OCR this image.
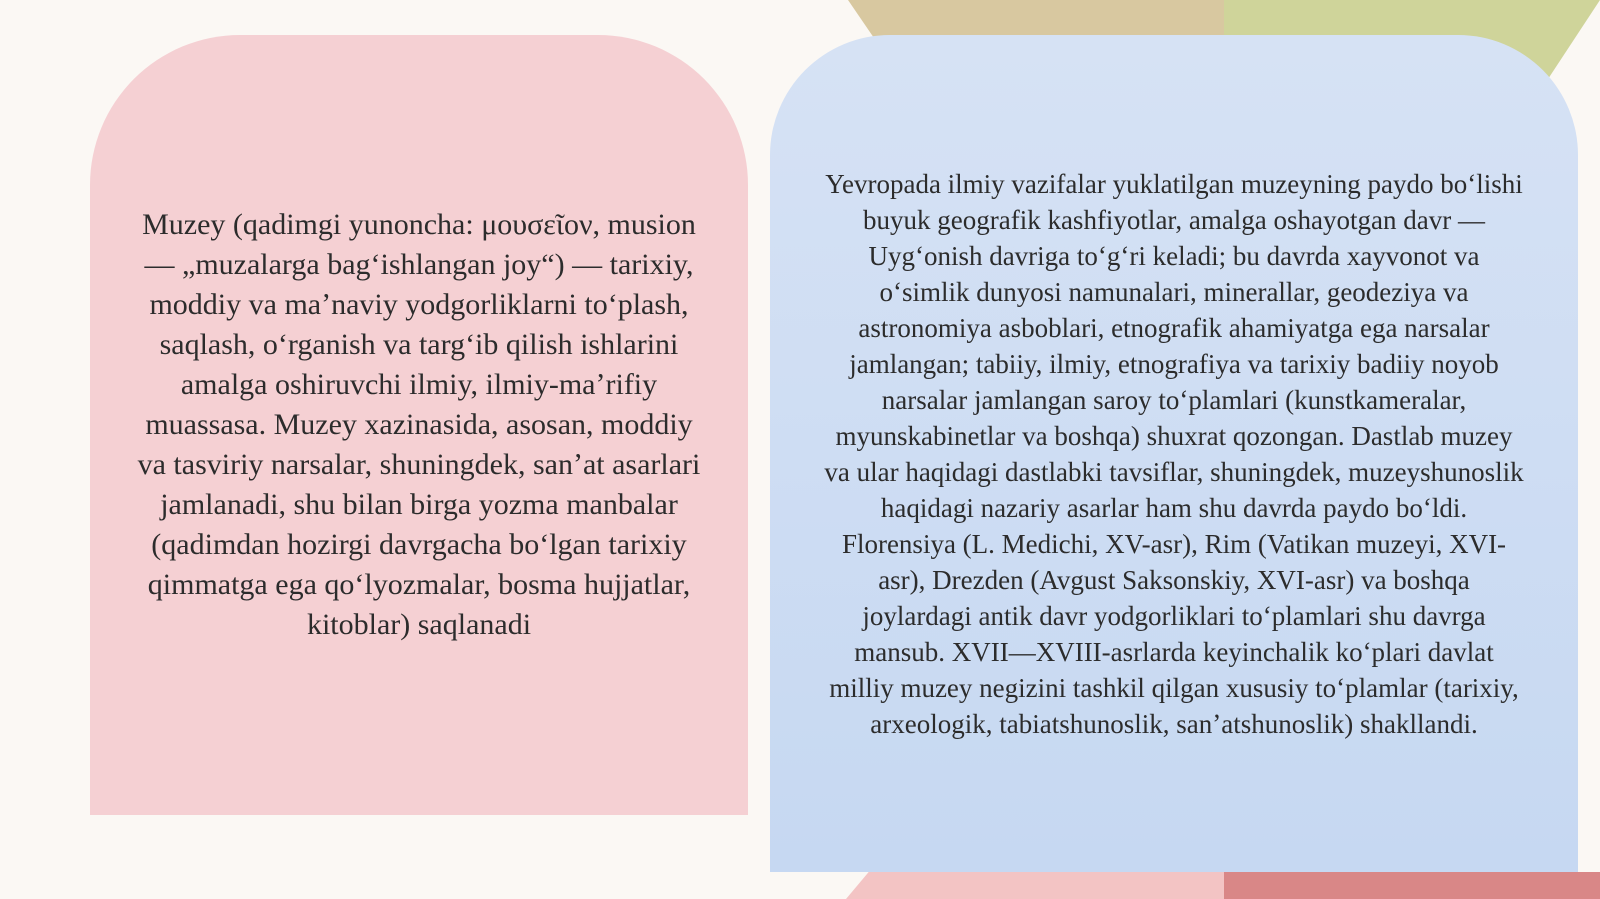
Muzey (qadimgi yunoncha: μουσεῖον, musion — „muzalarga bagʻishlangan joy“) — tarixiy, moddiy va maʼnaviy yodgorliklarni toʻplash, saqlash, oʻrganish va targʻib qilish ishlarini amalga oshiruvchi ilmiy, ilmiy-maʼrifiy muassasa. Muzey xazinasida, asosan, moddiy va tasviriy narsalar, shuningdek, sanʼat asarlari jamlanadi, shu bilan birga yozma manbalar (qadimdan hozirgi davrgacha boʻlgan tarixiy qimmatga ega qoʻlyozmalar, bosma hujjatlar, kitoblar) saqlanadi

Yevropada ilmiy vazifalar yuklatilgan muzeyning paydo boʻlishi buyuk geografik kashfiyotlar, amalga oshayotgan davr — Uygʻonish davriga toʻgʻri keladi; bu davrda xayvonot va oʻsimlik dunyosi namunalari, minerallar, geodeziya va astronomiya asboblari, etnografik ahamiyatga ega narsalar jamlangan; tabiiy, ilmiy, etnografiya va tarixiy badiiy noyob narsalar jamlangan saroy toʻplamlari (kunstkameralar, myunskabinetlar va boshqa) shuxrat qozongan. Dastlab muzey va ular haqidagi dastlabki tavsiflar, shuningdek, muzeyshunoslik haqidagi nazariy asarlar ham shu davrda paydo boʻldi. Florensiya (L. Medichi, XV-asr), Rim (Vatikan muzeyi, XVI-asr), Drezden (Avgust Saksonskiy, XVI-asr) va boshqa joylardagi antik davr yodgorliklari toʻplamlari shu davrga mansub. XVII—XVIII-asrlarda keyinchalik koʻplari davlat milliy muzey negizini tashkil qilgan xususiy toʻplamlar (tarixiy, arxeologik, tabiatshunoslik, sanʼatshunoslik) shakllandi.
